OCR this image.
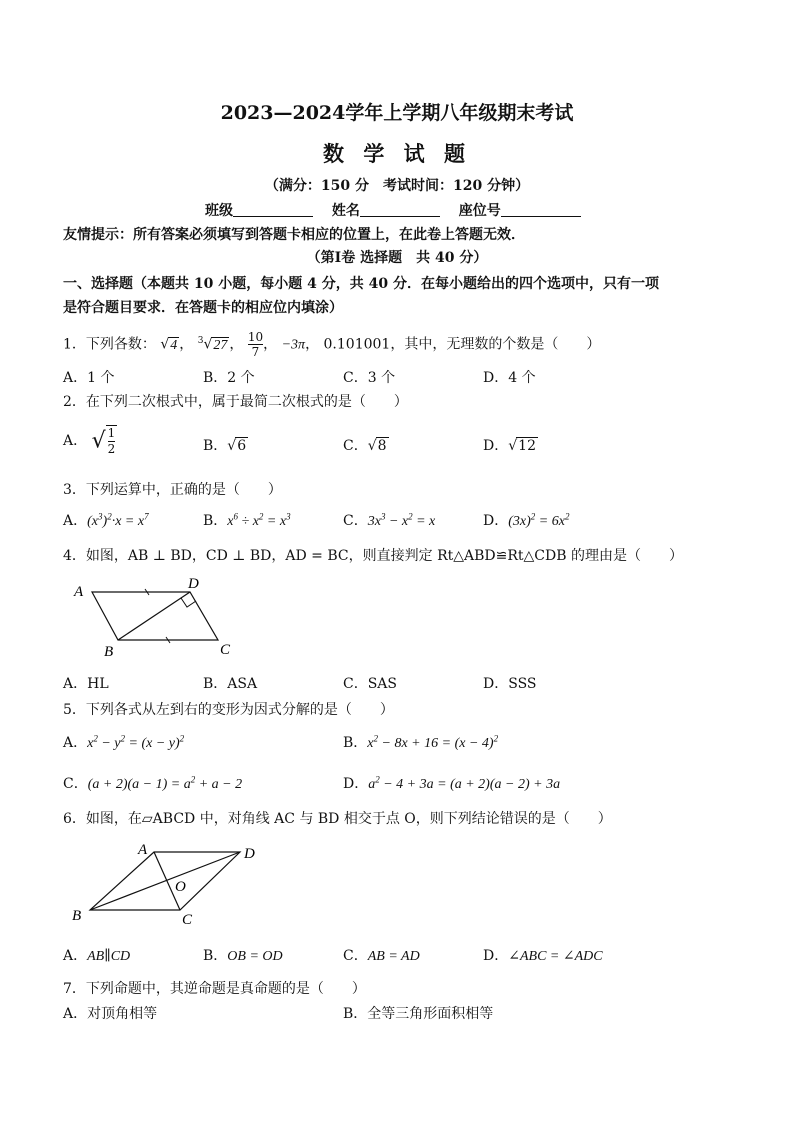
2023—2024学年上学期八年级期末考试
数 学 试 题
（满分：150 分　考试时间：120 分钟）
班级	姓名	座位号
友情提示：所有答案必须填写到答题卡相应的位置上，在此卷上答题无效．
（第Ⅰ卷 选择题　共 40 分）
一、选择题（本题共 10 小题，每小题 4 分，共 40 分．在每小题给出的四个选项中，只有一项
是符合题目要求．在答题卡的相应位内填涂）
1．下列各数： √4 ， $^3$√27 ， $\frac{10}{7}$ ， −3π， 0.101001，其中，无理数的个数是（　　）
A．1 个	B．2 个	C．3 个	D．4 个
2．在下列二次根式中，属于最简二次根式的是（　　）
A． √ $\frac{1}{2}$	B．√6	C．√8	D．√12
3．下列运算中，正确的是（　　）
A．$(x^3)^2\cdot x = x^7$	B．$x^6 \div x^2 = x^3$	C．$3x^3 - x^2 = x$	D．$(3x)^2 = 6x^2$
4．如图，AB ⊥ BD，CD ⊥ BD，AD = BC，则直接判定 Rt△ABD≌Rt△CDB 的理由是（　　）
A	D
B	C
A．HL	B．ASA	C．SAS	D．SSS
5．下列各式从左到右的变形为因式分解的是（　　）
A．$x^2 - y^2 = (x - y)^2$	B．$x^2 - 8x + 16 = (x - 4)^2$
C．$(a + 2)(a - 1) = a^2 + a - 2$	D．$a^2 - 4 + 3a = (a + 2)(a - 2) + 3a$
6．如图，在▱ABCD 中，对角线 AC 与 BD 相交于点 O，则下列结论错误的是（　　）
A	D
O
B	C
A．AB∥CD	B．OB = OD	C．AB = AD	D．∠ABC = ∠ADC
7．下列命题中，其逆命题是真命题的是（　　）
A．对顶角相等	B．全等三角形面积相等
